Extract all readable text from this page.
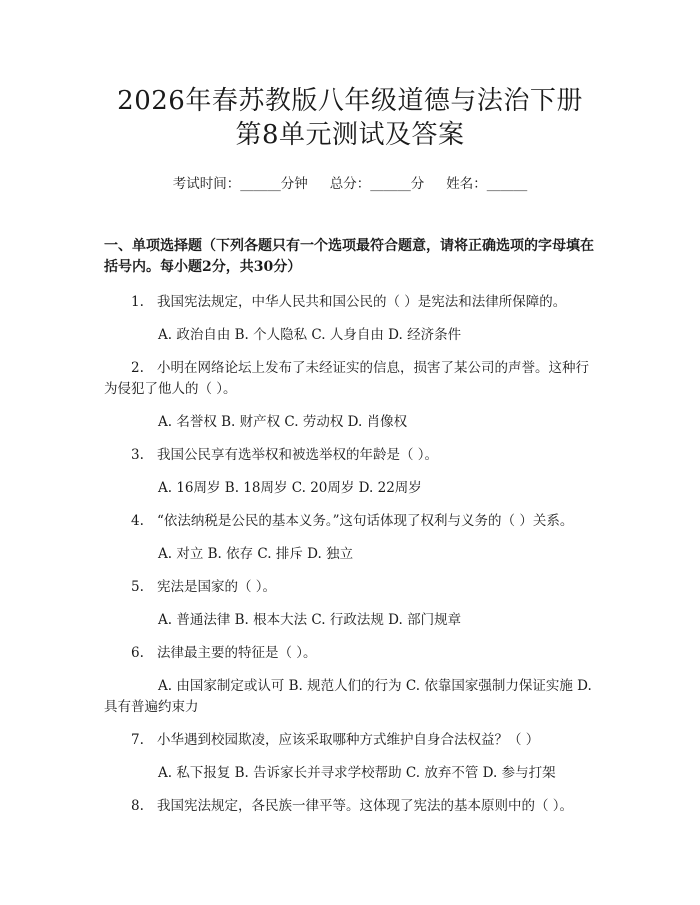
2026年春苏教版八年级道德与法治下册第8单元测试及答案
考试时间：______分钟 总分：______分 姓名：______
一、单项选择题（下列各题只有一个选项最符合题意，请将正确选项的字母填在括号内。每小题2分，共30分）
1. 我国宪法规定，中华人民共和国公民的（ ）是宪法和法律所保障的。
A. 政治自由 B. 个人隐私 C. 人身自由 D. 经济条件
2. 小明在网络论坛上发布了未经证实的信息，损害了某公司的声誉。这种行为侵犯了他人的（ ）。
A. 名誉权 B. 财产权 C. 劳动权 D. 肖像权
3. 我国公民享有选举权和被选举权的年龄是（ ）。
A. 16周岁 B. 18周岁 C. 20周岁 D. 22周岁
4. “依法纳税是公民的基本义务。”这句话体现了权利与义务的（ ）关系。
A. 对立 B. 依存 C. 排斥 D. 独立
5. 宪法是国家的（ ）。
A. 普通法律 B. 根本大法 C. 行政法规 D. 部门规章
6. 法律最主要的特征是（ ）。
A. 由国家制定或认可 B. 规范人们的行为 C. 依靠国家强制力保证实施 D. 具有普遍约束力
7. 小华遇到校园欺凌，应该采取哪种方式维护自身合法权益？（ ）
A. 私下报复 B. 告诉家长并寻求学校帮助 C. 放弃不管 D. 参与打架
8. 我国宪法规定，各民族一律平等。这体现了宪法的基本原则中的（ ）。
